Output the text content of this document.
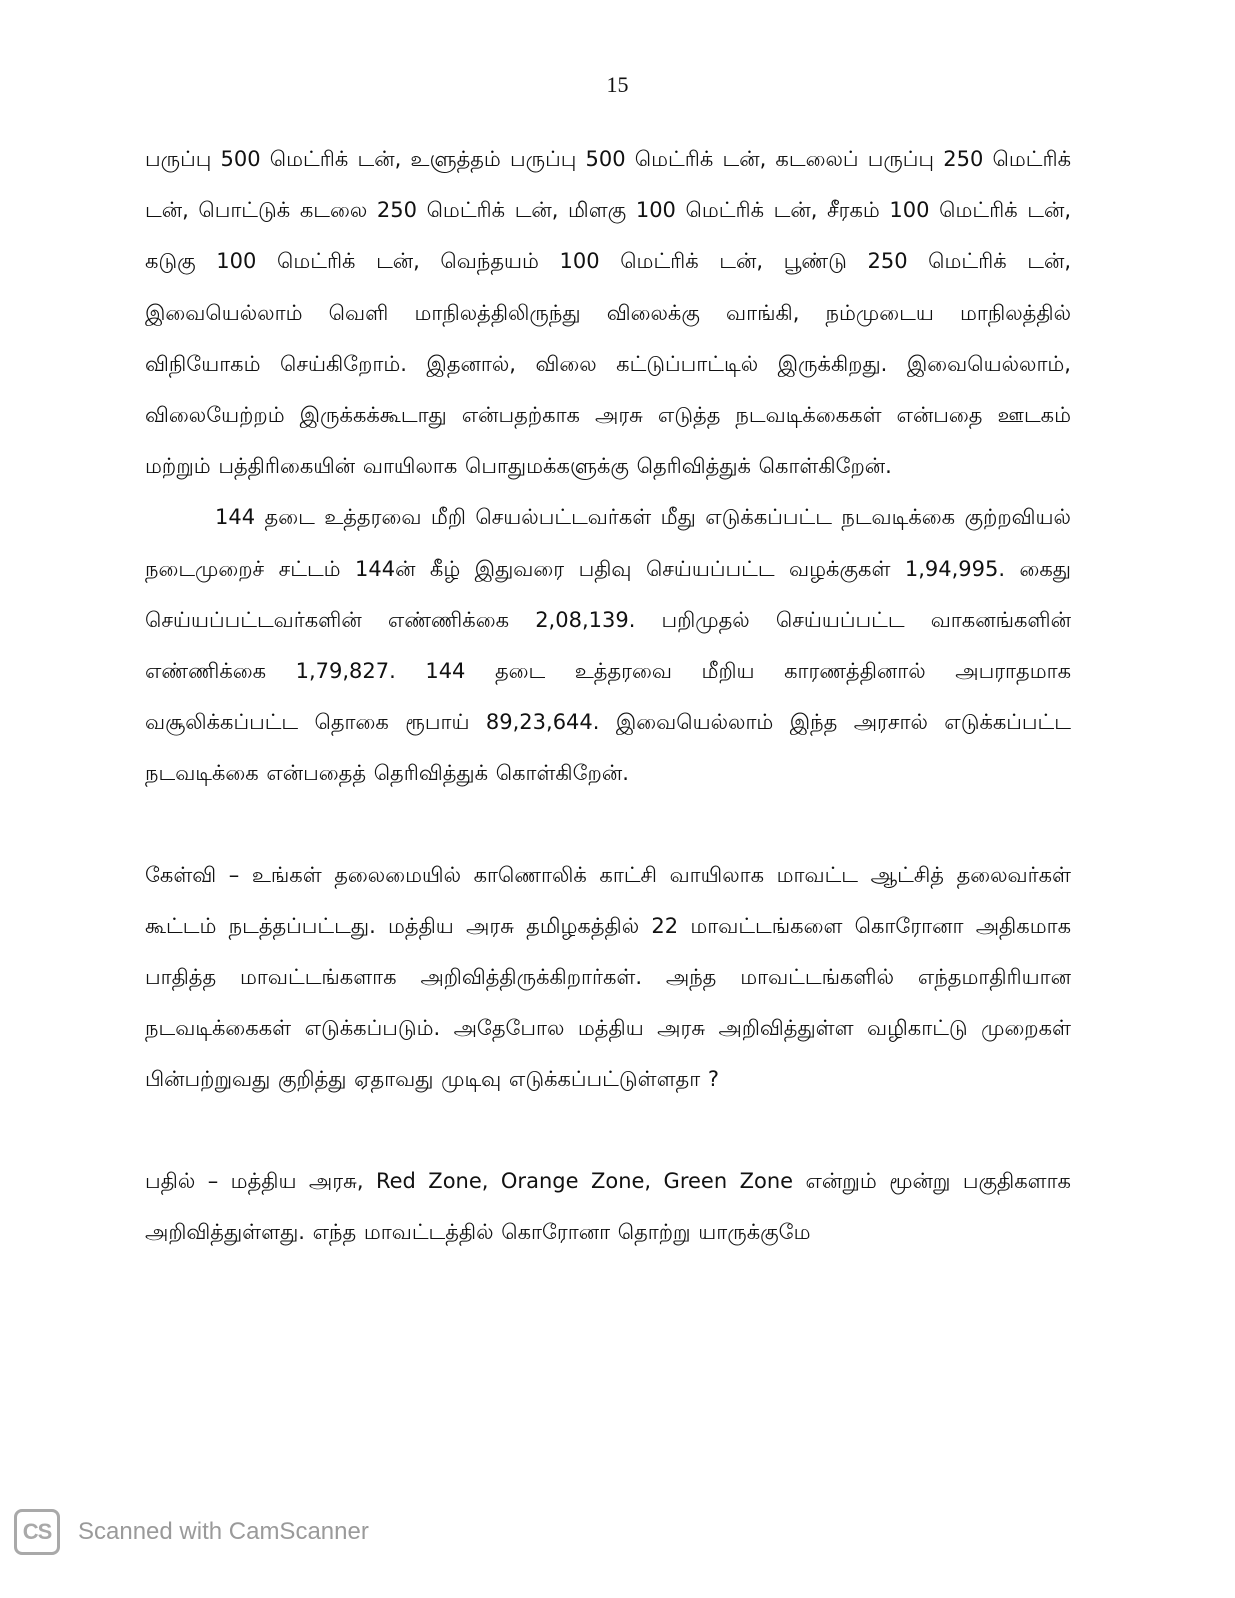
15

பருப்பு 500 மெட்ரிக் டன், உளுத்தம் பருப்பு 500 மெட்ரிக் டன், கடலைப் பருப்பு 250 மெட்ரிக் டன், பொட்டுக் கடலை 250 மெட்ரிக் டன், மிளகு 100 மெட்ரிக் டன், சீரகம் 100 மெட்ரிக் டன், கடுகு 100 மெட்ரிக் டன், வெந்தயம் 100 மெட்ரிக் டன், பூண்டு 250 மெட்ரிக் டன், இவையெல்லாம் வெளி மாநிலத்திலிருந்து விலைக்கு வாங்கி, நம்முடைய மாநிலத்தில் விநியோகம் செய்கிறோம். இதனால், விலை கட்டுப்பாட்டில் இருக்கிறது. இவையெல்லாம், விலையேற்றம் இருக்கக்கூடாது என்பதற்காக அரசு எடுத்த நடவடிக்கைகள் என்பதை ஊடகம் மற்றும் பத்திரிகையின் வாயிலாக பொதுமக்களுக்கு தெரிவித்துக் கொள்கிறேன்.

144 தடை உத்தரவை மீறி செயல்பட்டவர்கள் மீது எடுக்கப்பட்ட நடவடிக்கை குற்றவியல் நடைமுறைச் சட்டம் 144ன் கீழ் இதுவரை பதிவு செய்யப்பட்ட வழக்குகள் 1,94,995. கைது செய்யப்பட்டவர்களின் எண்ணிக்கை 2,08,139. பறிமுதல் செய்யப்பட்ட வாகனங்களின் எண்ணிக்கை 1,79,827. 144 தடை உத்தரவை மீறிய காரணத்தினால் அபராதமாக வசூலிக்கப்பட்ட தொகை ரூபாய் 89,23,644. இவையெல்லாம் இந்த அரசால் எடுக்கப்பட்ட நடவடிக்கை என்பதைத் தெரிவித்துக் கொள்கிறேன்.

கேள்வி – உங்கள் தலைமையில் காணொலிக் காட்சி வாயிலாக மாவட்ட ஆட்சித் தலைவர்கள் கூட்டம் நடத்தப்பட்டது. மத்திய அரசு தமிழகத்தில் 22 மாவட்டங்களை கொரோனா அதிகமாக பாதித்த மாவட்டங்களாக அறிவித்திருக்கிறார்கள். அந்த மாவட்டங்களில் எந்தமாதிரியான நடவடிக்கைகள் எடுக்கப்படும். அதேபோல மத்திய அரசு அறிவித்துள்ள வழிகாட்டு முறைகள் பின்பற்றுவது குறித்து ஏதாவது முடிவு எடுக்கப்பட்டுள்ளதா ?

பதில் – மத்திய அரசு, Red Zone, Orange Zone, Green Zone என்றும் மூன்று பகுதிகளாக அறிவித்துள்ளது. எந்த மாவட்டத்தில் கொரோனா தொற்று யாருக்குமே

CS	Scanned with CamScanner
